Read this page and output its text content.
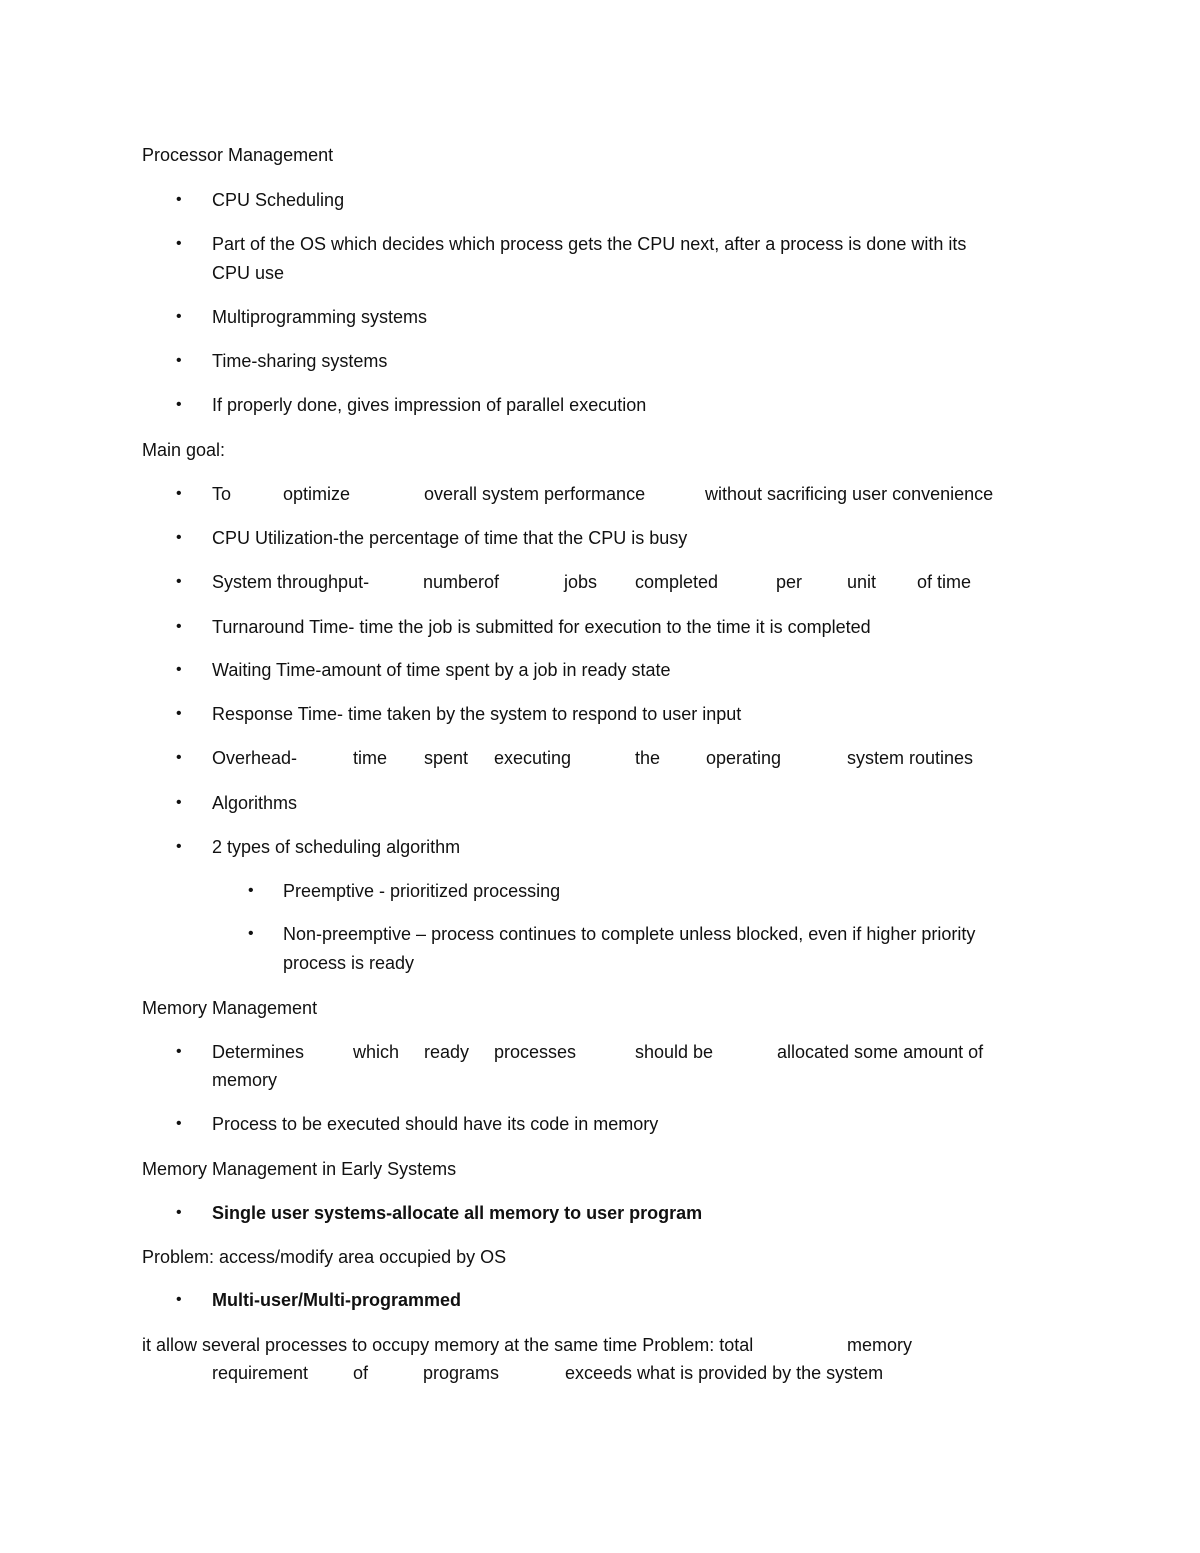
Processor Management
• CPU Scheduling
• Part of the OS which decides which process gets the CPU next, after a process is done with its
CPU use
• Multiprogramming systems
• Time-sharing systems
• If properly done, gives impression of parallel execution
Main goal:
• To	optimize	overall system performance	without sacrificing user convenience
• CPU Utilization-the percentage of time that the CPU is busy
• System throughput-	numberof	jobs completed	per unit of time
• Turnaround Time- time the job is submitted for execution to the time it is completed
• Waiting Time-amount of time spent by a job in ready state
• Response Time- time taken by the system to respond to user input
• Overhead-	time spent executing	the	operating	system routines
• Algorithms
• 2 types of scheduling algorithm
• Preemptive - prioritized processing
• Non-preemptive – process continues to complete unless blocked, even if higher priority
process is ready
Memory Management
• Determines	which ready processes	should be	allocated some amount of
memory
• Process to be executed should have its code in memory
Memory Management in Early Systems
• Single user systems-allocate all memory to user program
Problem: access/modify area occupied by OS
• Multi-user/Multi-programmed
it allow several processes to occupy memory at the same time Problem: total	memory
requirement of	programs	exceeds what is provided by the system
